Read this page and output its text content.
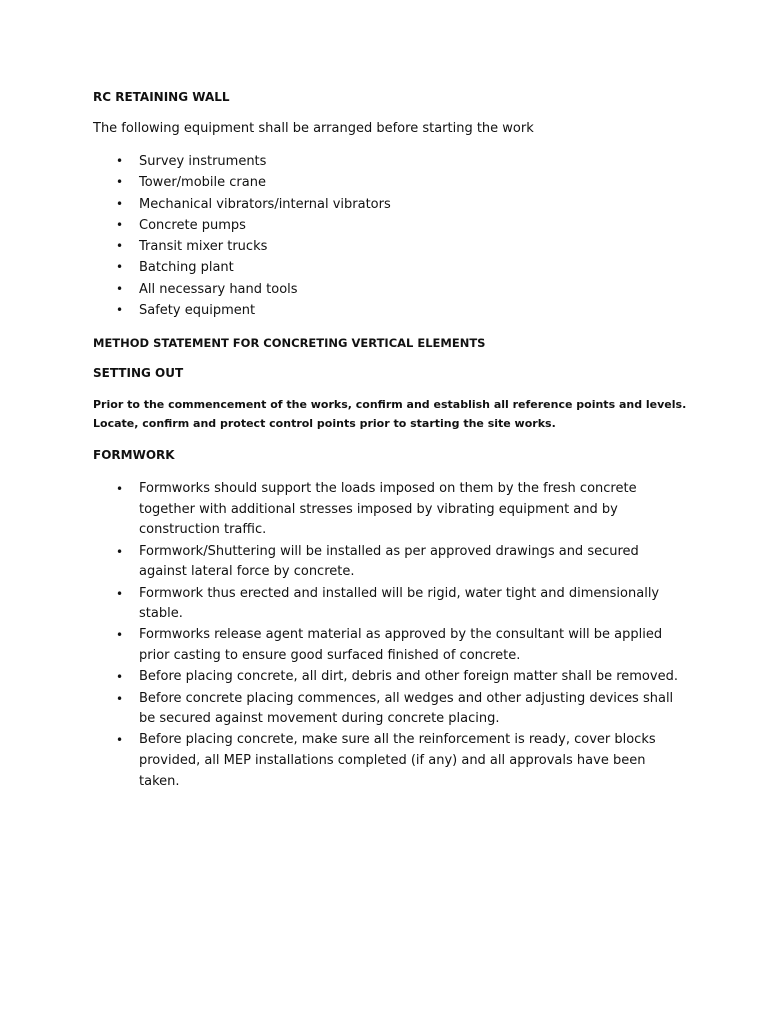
RC RETAINING WALL
The following equipment shall be arranged before starting the work
• Survey instruments
• Tower/mobile crane
• Mechanical vibrators/internal vibrators
• Concrete pumps
• Transit mixer trucks
• Batching plant
• All necessary hand tools
• Safety equipment
METHOD STATEMENT FOR CONCRETING VERTICAL ELEMENTS
SETTING OUT
Prior to the commencement of the works, confirm and establish all reference points and levels.
Locate, confirm and protect control points prior to starting the site works.
FORMWORK
• Formworks should support the loads imposed on them by the fresh concrete together with additional stresses imposed by vibrating equipment and by construction traffic.
• Formwork/Shuttering will be installed as per approved drawings and secured against lateral force by concrete.
• Formwork thus erected and installed will be rigid, water tight and dimensionally stable.
• Formworks release agent material as approved by the consultant will be applied prior casting to ensure good surfaced finished of concrete.
• Before placing concrete, all dirt, debris and other foreign matter shall be removed.
• Before concrete placing commences, all wedges and other adjusting devices shall be secured against movement during concrete placing.
• Before placing concrete, make sure all the reinforcement is ready, cover blocks provided, all MEP installations completed (if any) and all approvals have been taken.
